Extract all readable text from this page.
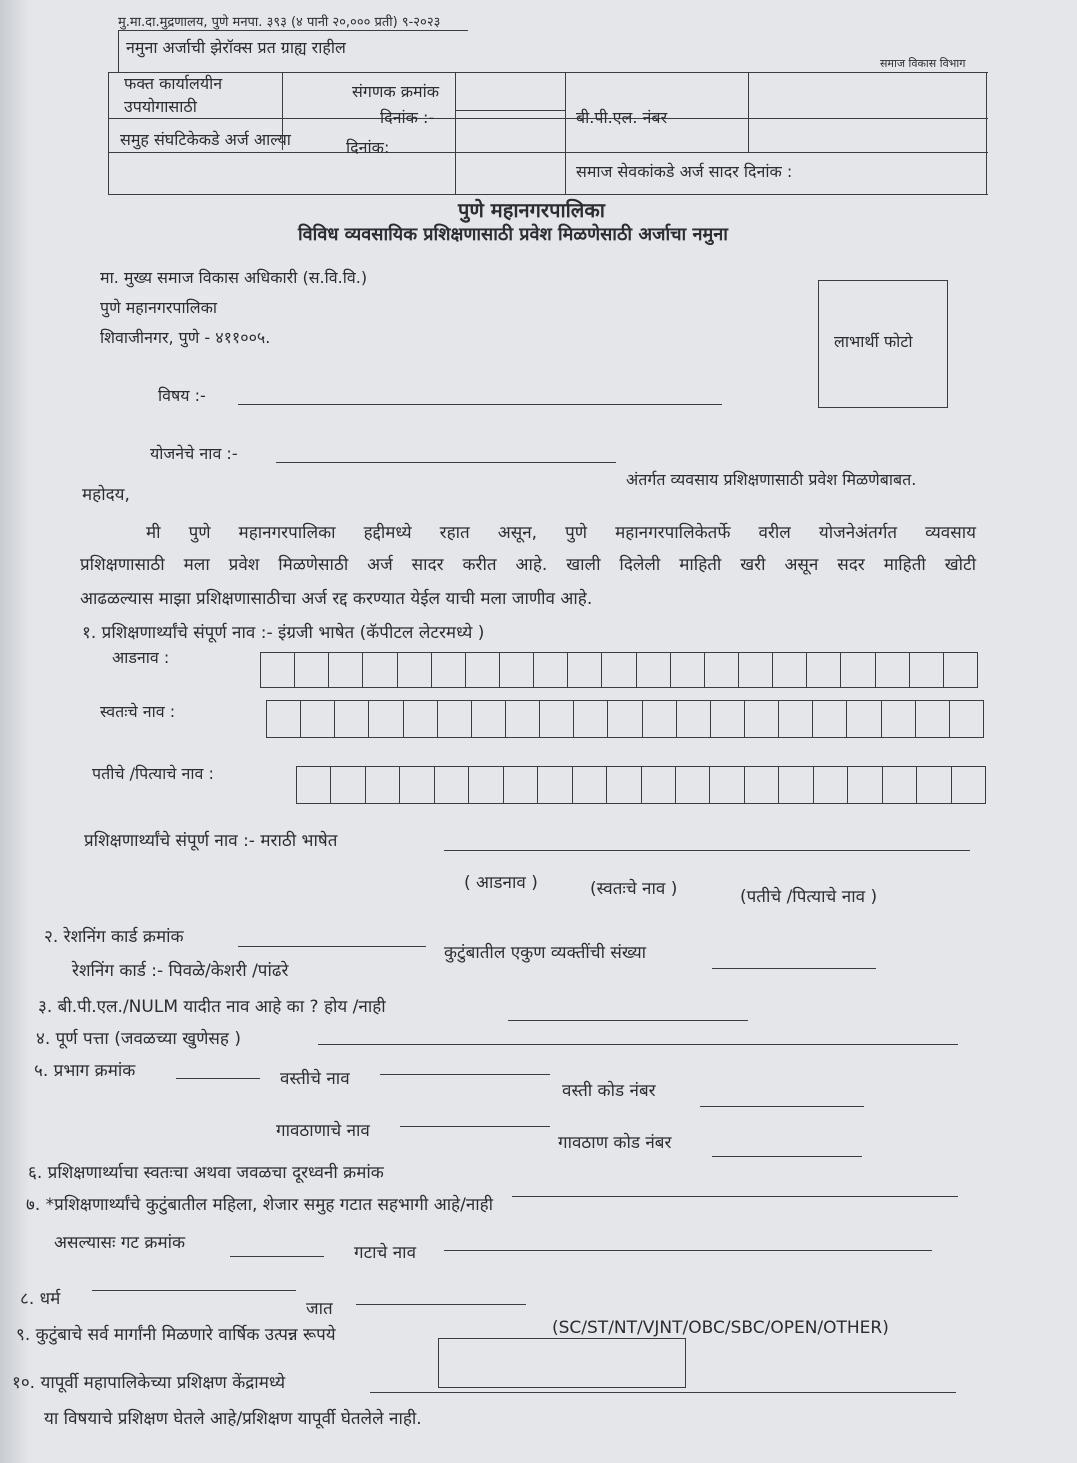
मु.मा.दा.मुद्रणालय, पुणे मनपा. ३९३ (४ पानी २०,००० प्रती) ९-२०२३
समाज विकास विभाग
नमुना अर्जाची झेरॉक्स प्रत ग्राह्य राहील
फक्त कार्यालयीन
उपयोगासाठी
संगणक क्रमांक
दिनांक :-	बी.पी.एल. नंबर
समुह संघटिकेकडे अर्ज आल्या	दिनांक:
समाज सेवकांकडे अर्ज सादर दिनांक :
पुणे महानगरपालिका
विविध व्यवसायिक प्रशिक्षणासाठी प्रवेश मिळणेसाठी अर्जाचा नमुना
मा. मुख्य समाज विकास अधिकारी (स.वि.वि.)
पुणे महानगरपालिका
शिवाजीनगर, पुणे - ४११००५.	लाभार्थी फोटो
विषय :-
योजनेचे नाव :-
अंतर्गत व्यवसाय प्रशिक्षणासाठी प्रवेश मिळणेबाबत.
महोदय,
मी पुणे महानगरपालिका हद्दीमध्ये रहात असून, पुणे महानगरपालिकेतर्फे वरील योजनेअंतर्गत व्यवसाय
प्रशिक्षणासाठी मला प्रवेश मिळणेसाठी अर्ज सादर करीत आहे. खाली दिलेली माहिती खरी असून सदर माहिती खोटी
आढळल्यास माझा प्रशिक्षणासाठीचा अर्ज रद्द करण्यात येईल याची मला जाणीव आहे.
१. प्रशिक्षणार्थ्यांचे संपूर्ण नाव :- इंग्रजी भाषेत (कॅपीटल लेटरमध्ये )
आडनाव :
स्वतःचे नाव :
पतीचे /पित्याचे नाव :
प्रशिक्षणार्थ्यांचे संपूर्ण नाव :- मराठी भाषेत
( आडनाव )	(स्वतःचे नाव )	(पतीचे /पित्याचे नाव )
२. रेशनिंग कार्ड क्रमांक
कुटुंबातील एकुण व्यक्तींची संख्या
रेशनिंग कार्ड :- पिवळे/केशरी /पांढरे
३. बी.पी.एल./NULM यादीत नाव आहे का ? होय /नाही
४. पूर्ण पत्ता (जवळच्या खुणेसह )
५. प्रभाग क्रमांक	वस्तीचे नाव
वस्ती कोड नंबर
गावठाणाचे नाव
गावठाण कोड नंबर
६. प्रशिक्षणार्थ्याचा स्वतःचा अथवा जवळचा दूरध्वनी क्रमांक
७. *प्रशिक्षणार्थ्यांचे कुटुंबातील महिला, शेजार समुह गटात सहभागी आहे/नाही
असल्यासः गट क्रमांक	गटाचे नाव
८. धर्म	जात
(SC/ST/NT/VJNT/OBC/SBC/OPEN/OTHER)
९. कुटुंबाचे सर्व मार्गांनी मिळणारे वार्षिक उत्पन्न रूपये
१०. यापूर्वी महापालिकेच्या प्रशिक्षण केंद्रामध्ये
या विषयाचे प्रशिक्षण घेतले आहे/प्रशिक्षण यापूर्वी घेतलेले नाही.
